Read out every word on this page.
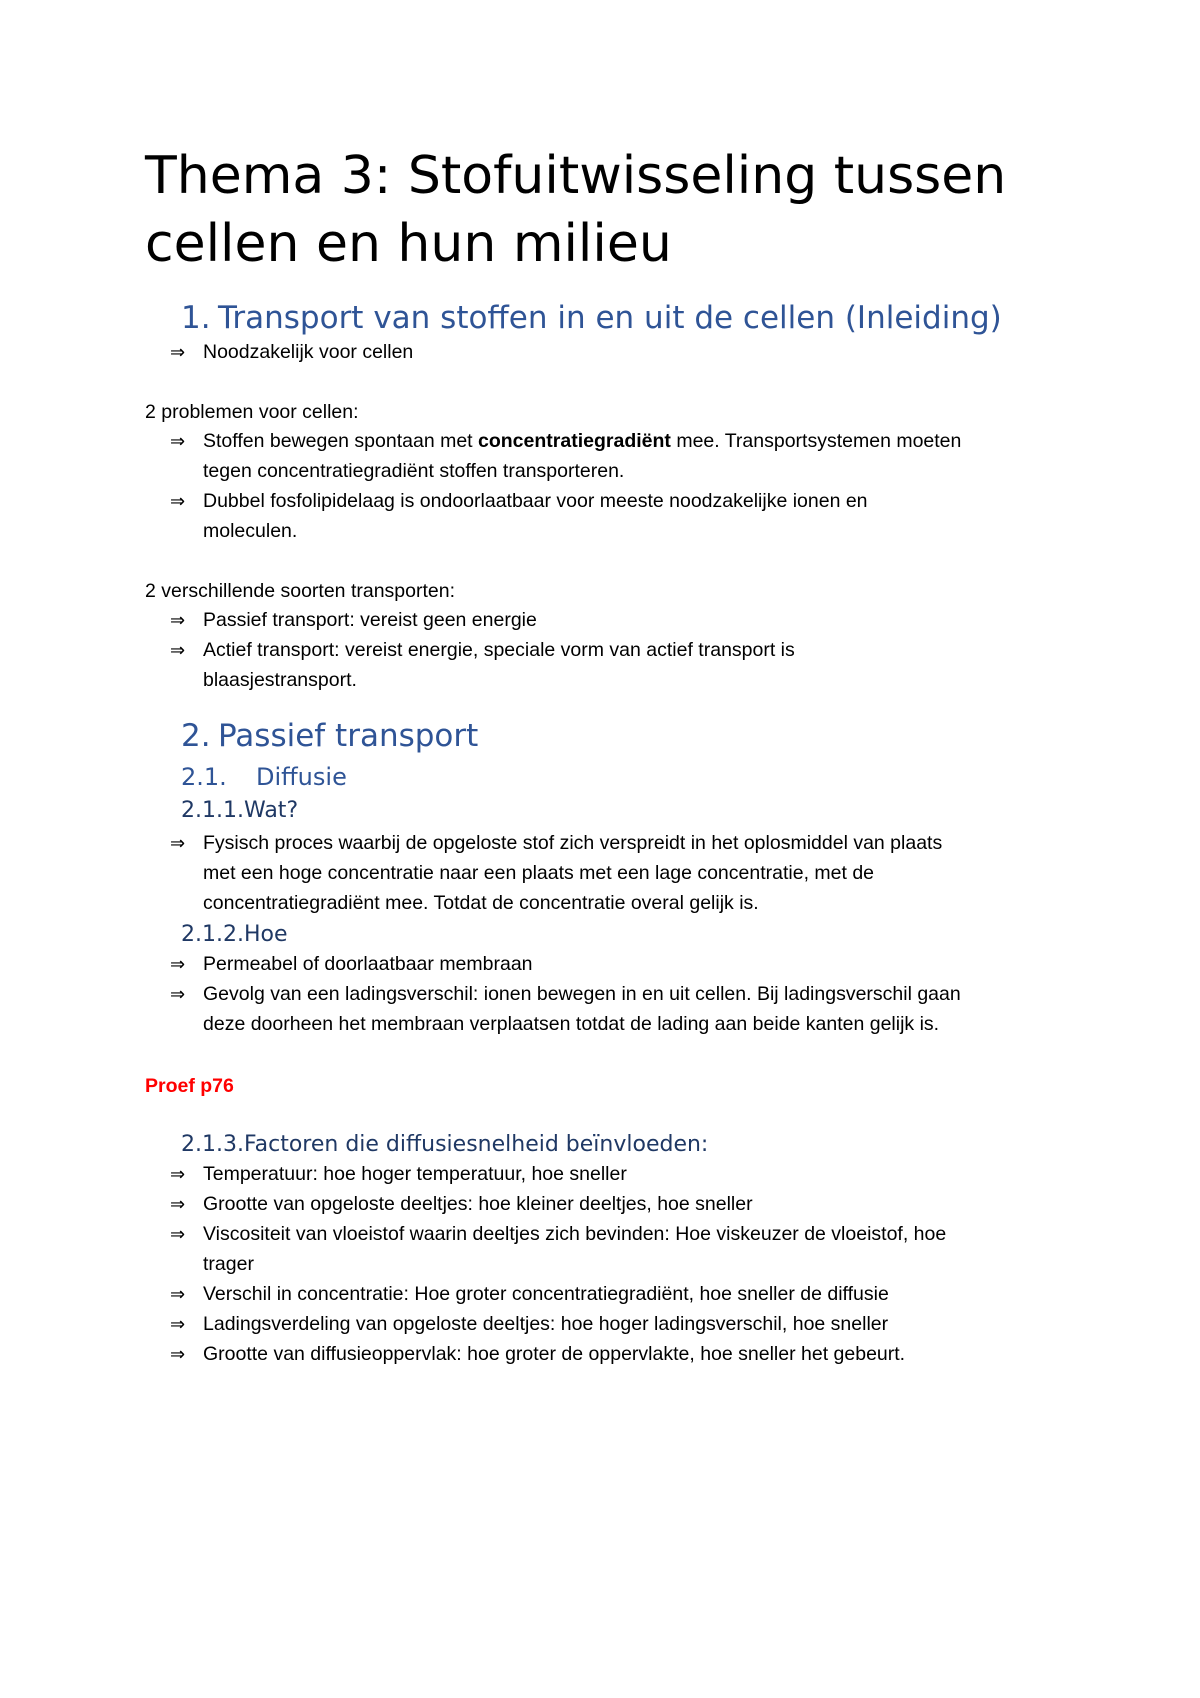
Thema 3: Stofuitwisseling tussen
cellen en hun milieu
1. Transport van stoffen in en uit de cellen (Inleiding)
⇒ Noodzakelijk voor cellen
2 problemen voor cellen:
⇒ Stoffen bewegen spontaan met concentratiegradiënt mee. Transportsystemen moeten
tegen concentratiegradiënt stoffen transporteren.
⇒ Dubbel fosfolipidelaag is ondoorlaatbaar voor meeste noodzakelijke ionen en
moleculen.
2 verschillende soorten transporten:
⇒ Passief transport: vereist geen energie
⇒ Actief transport: vereist energie, speciale vorm van actief transport is
blaasjestransport.
2. Passief transport
2.1. Diffusie
2.1.1.Wat?
⇒ Fysisch proces waarbij de opgeloste stof zich verspreidt in het oplosmiddel van plaats
met een hoge concentratie naar een plaats met een lage concentratie, met de
concentratiegradiënt mee. Totdat de concentratie overal gelijk is.
2.1.2.Hoe
⇒ Permeabel of doorlaatbaar membraan
⇒ Gevolg van een ladingsverschil: ionen bewegen in en uit cellen. Bij ladingsverschil gaan
deze doorheen het membraan verplaatsen totdat de lading aan beide kanten gelijk is.
Proef p76
2.1.3.Factoren die diffusiesnelheid beïnvloeden:
⇒ Temperatuur: hoe hoger temperatuur, hoe sneller
⇒ Grootte van opgeloste deeltjes: hoe kleiner deeltjes, hoe sneller
⇒ Viscositeit van vloeistof waarin deeltjes zich bevinden: Hoe viskeuzer de vloeistof, hoe
trager
⇒ Verschil in concentratie: Hoe groter concentratiegradiënt, hoe sneller de diffusie
⇒ Ladingsverdeling van opgeloste deeltjes: hoe hoger ladingsverschil, hoe sneller
⇒ Grootte van diffusieoppervlak: hoe groter de oppervlakte, hoe sneller het gebeurt.
